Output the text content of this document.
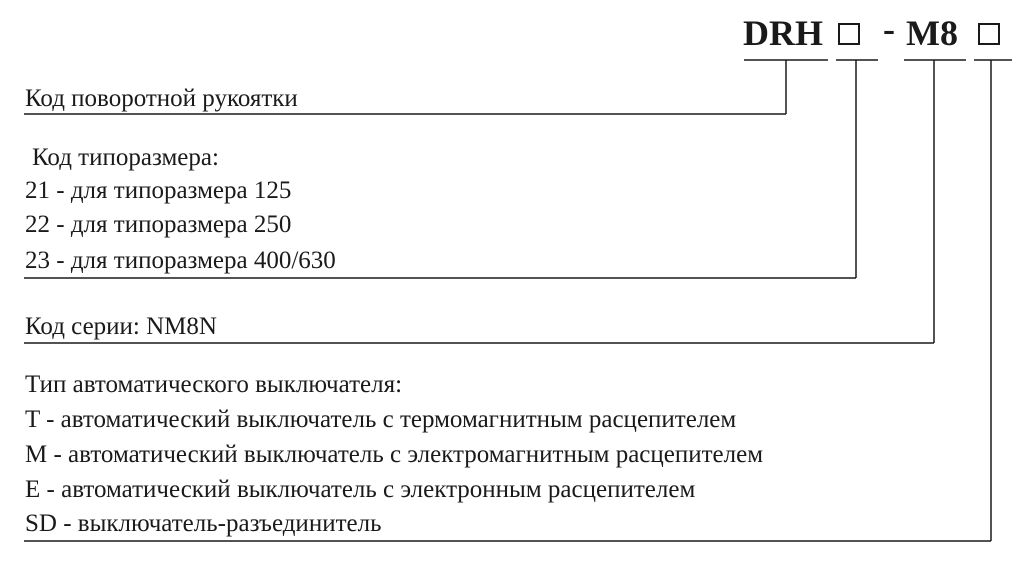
DRH - M8
Код поворотной рукоятки
Код типоразмера:
21 - для типоразмера 125
22 - для типоразмера 250
23 - для типоразмера 400/630
Код серии: NM8N
Тип автоматического выключателя:
T - автоматический выключатель с термомагнитным расцепителем
M - автоматический выключатель с электромагнитным расцепителем
E - автоматический выключатель с электронным расцепителем
SD - выключатель-разъединитель
